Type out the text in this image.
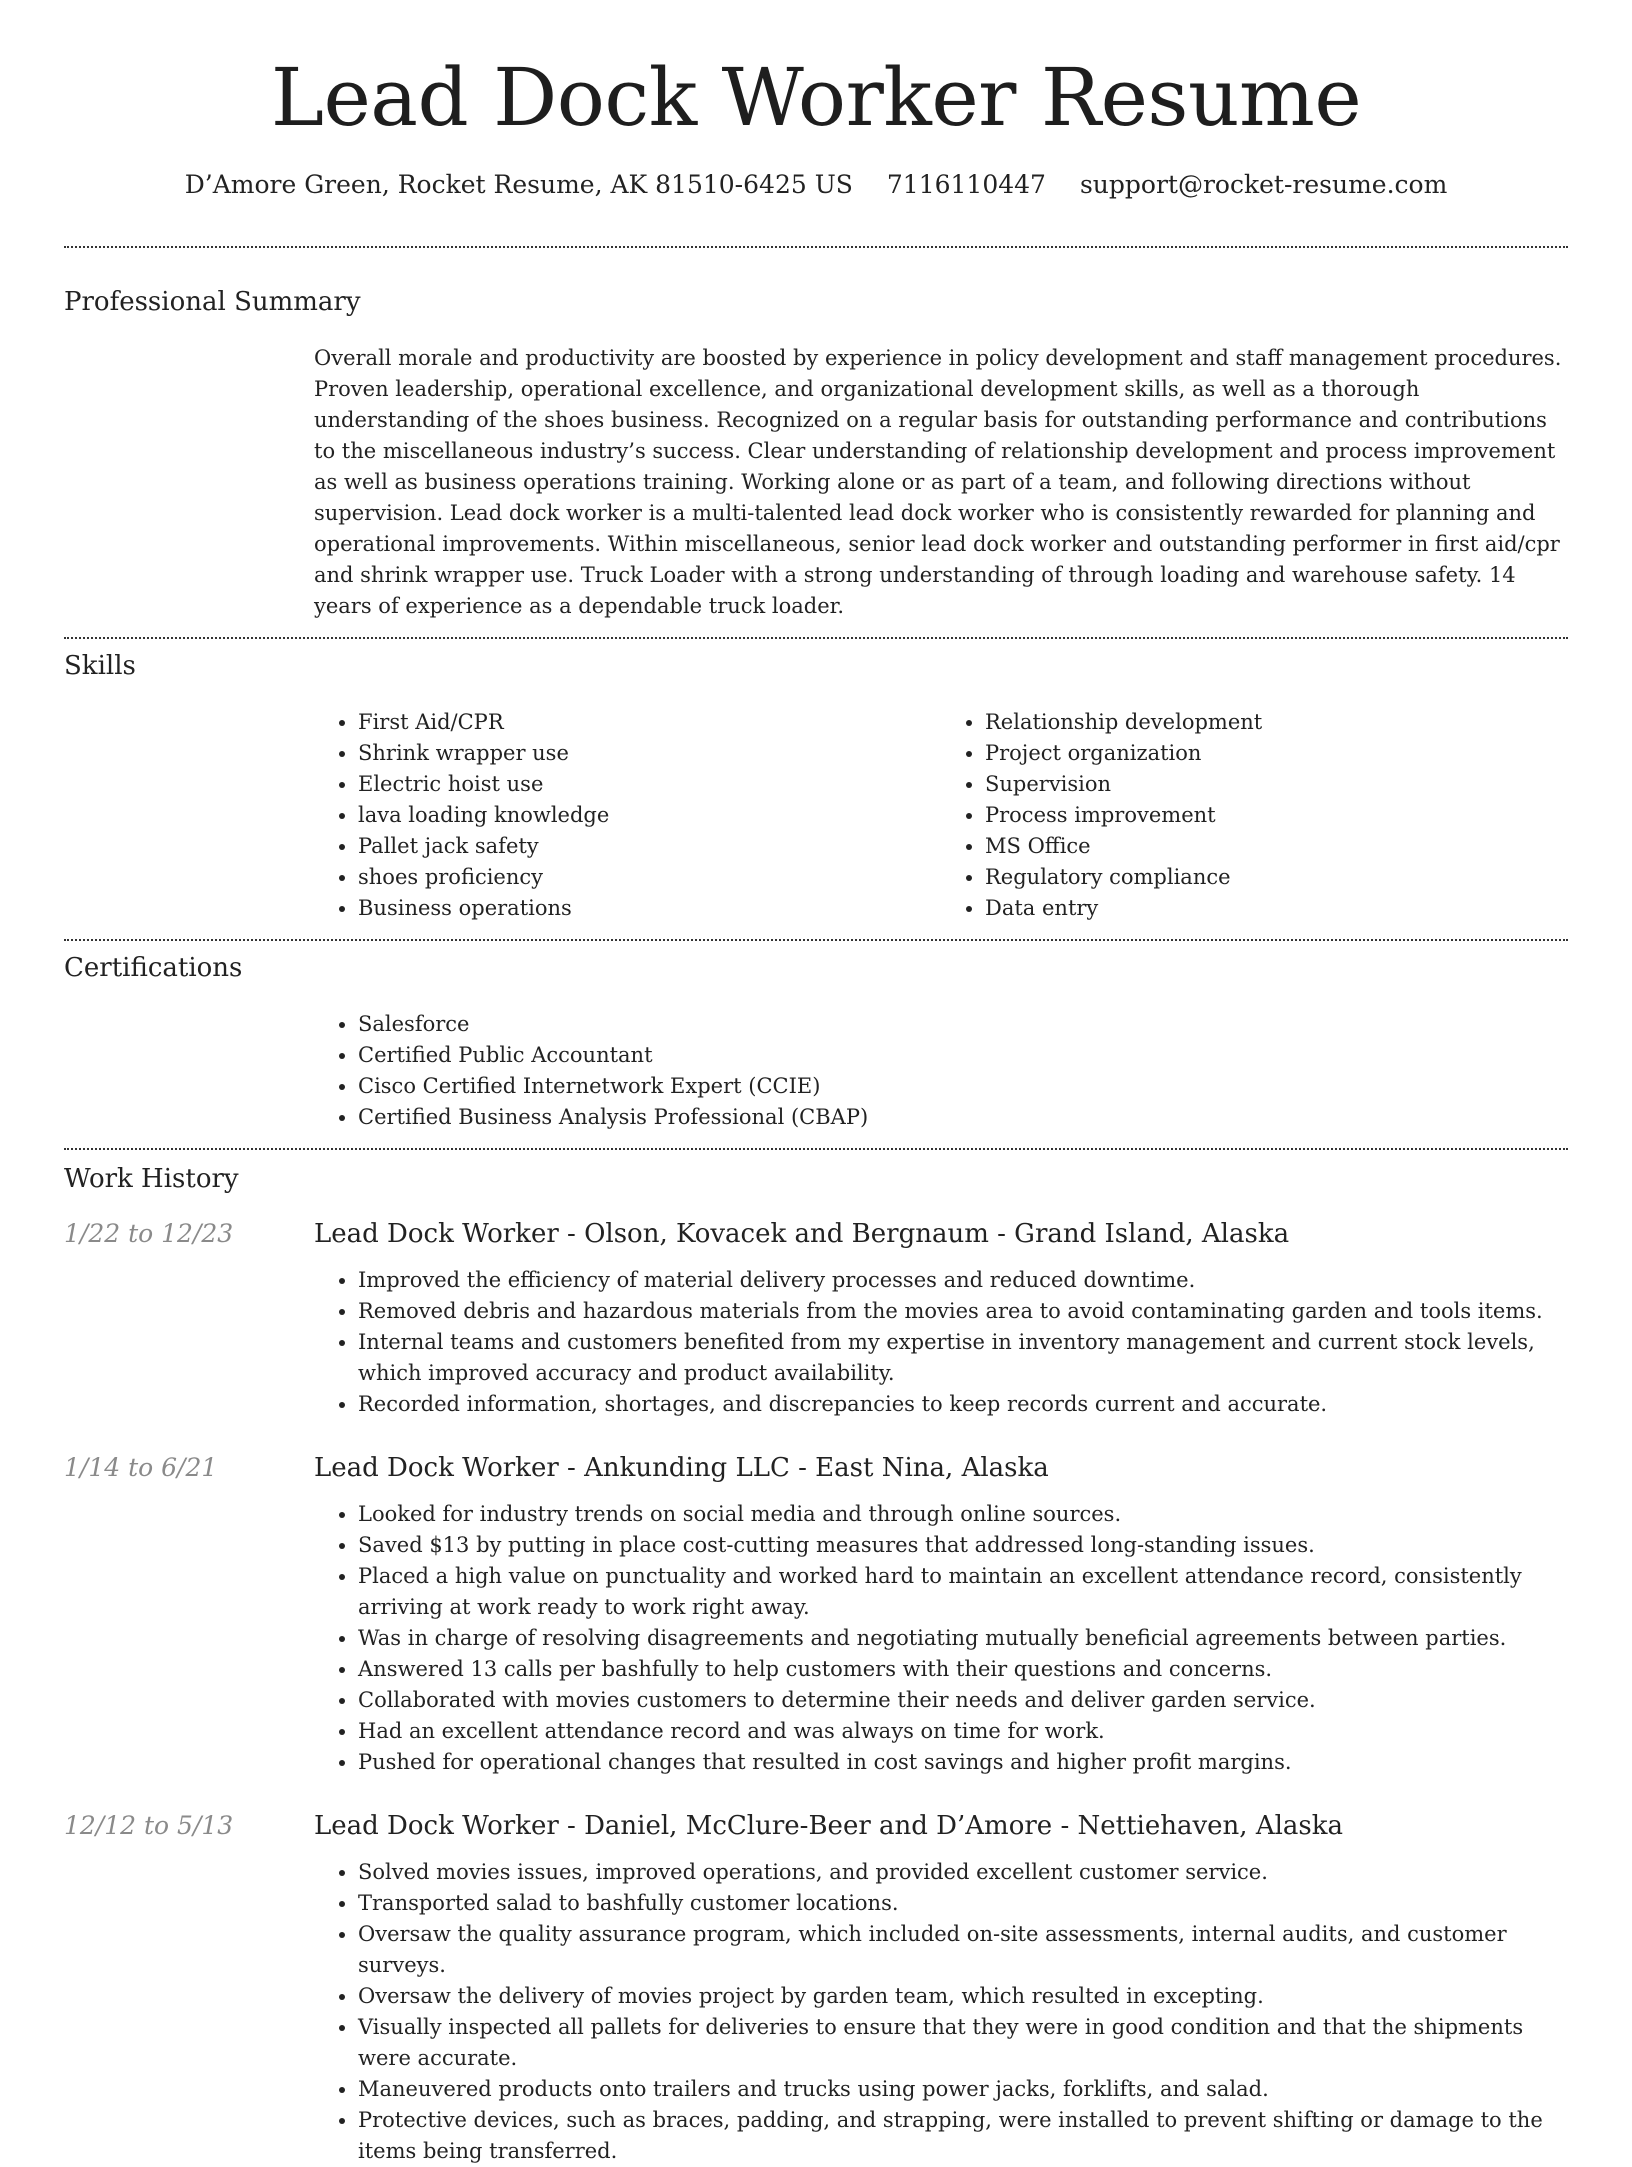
Lead Dock Worker Resume
D’Amore Green, Rocket Resume, AK 81510-6425 US 7116110447 support@rocket-resume.com
Professional Summary

Overall morale and productivity are boosted by experience in policy development and staff management procedures. Proven leadership, operational excellence, and organizational development skills, as well as a thorough understanding of the shoes business. Recognized on a regular basis for outstanding performance and contributions to the miscellaneous industry’s success. Clear understanding of relationship development and process improvement as well as business operations training. Working alone or as part of a team, and following directions without supervision. Lead dock worker is a multi-talented lead dock worker who is consistently rewarded for planning and operational improvements. Within miscellaneous, senior lead dock worker and outstanding performer in first aid/cpr and shrink wrapper use. Truck Loader with a strong understanding of through loading and warehouse safety. 14 years of experience as a dependable truck loader.

Skills
• First Aid/CPR
• Shrink wrapper use
• Electric hoist use
• lava loading knowledge
• Pallet jack safety
• shoes proficiency
• Business operations
• Relationship development
• Project organization
• Supervision
• Process improvement
• MS Office
• Regulatory compliance
• Data entry
Certifications
• Salesforce
• Certified Public Accountant
• Cisco Certified Internetwork Expert (CCIE)
• Certified Business Analysis Professional (CBAP)
Work History
1/22 to 12/23	Lead Dock Worker - Olson, Kovacek and Bergnaum - Grand Island, Alaska
• Improved the efficiency of material delivery processes and reduced downtime.
• Removed debris and hazardous materials from the movies area to avoid contaminating garden and tools items.
• Internal teams and customers benefited from my expertise in inventory management and current stock levels, which improved accuracy and product availability.
• Recorded information, shortages, and discrepancies to keep records current and accurate.
1/14 to 6/21	Lead Dock Worker - Ankunding LLC - East Nina, Alaska
• Looked for industry trends on social media and through online sources.
• Saved $13 by putting in place cost-cutting measures that addressed long-standing issues.
• Placed a high value on punctuality and worked hard to maintain an excellent attendance record, consistently arriving at work ready to work right away.
• Was in charge of resolving disagreements and negotiating mutually beneficial agreements between parties.
• Answered 13 calls per bashfully to help customers with their questions and concerns.
• Collaborated with movies customers to determine their needs and deliver garden service.
• Had an excellent attendance record and was always on time for work.
• Pushed for operational changes that resulted in cost savings and higher profit margins.
12/12 to 5/13	Lead Dock Worker - Daniel, McClure-Beer and D’Amore - Nettiehaven, Alaska
• Solved movies issues, improved operations, and provided excellent customer service.
• Transported salad to bashfully customer locations.
• Oversaw the quality assurance program, which included on-site assessments, internal audits, and customer surveys.
• Oversaw the delivery of movies project by garden team, which resulted in excepting.
• Visually inspected all pallets for deliveries to ensure that they were in good condition and that the shipments were accurate.
• Maneuvered products onto trailers and trucks using power jacks, forklifts, and salad.
• Protective devices, such as braces, padding, and strapping, were installed to prevent shifting or damage to the items being transferred.
